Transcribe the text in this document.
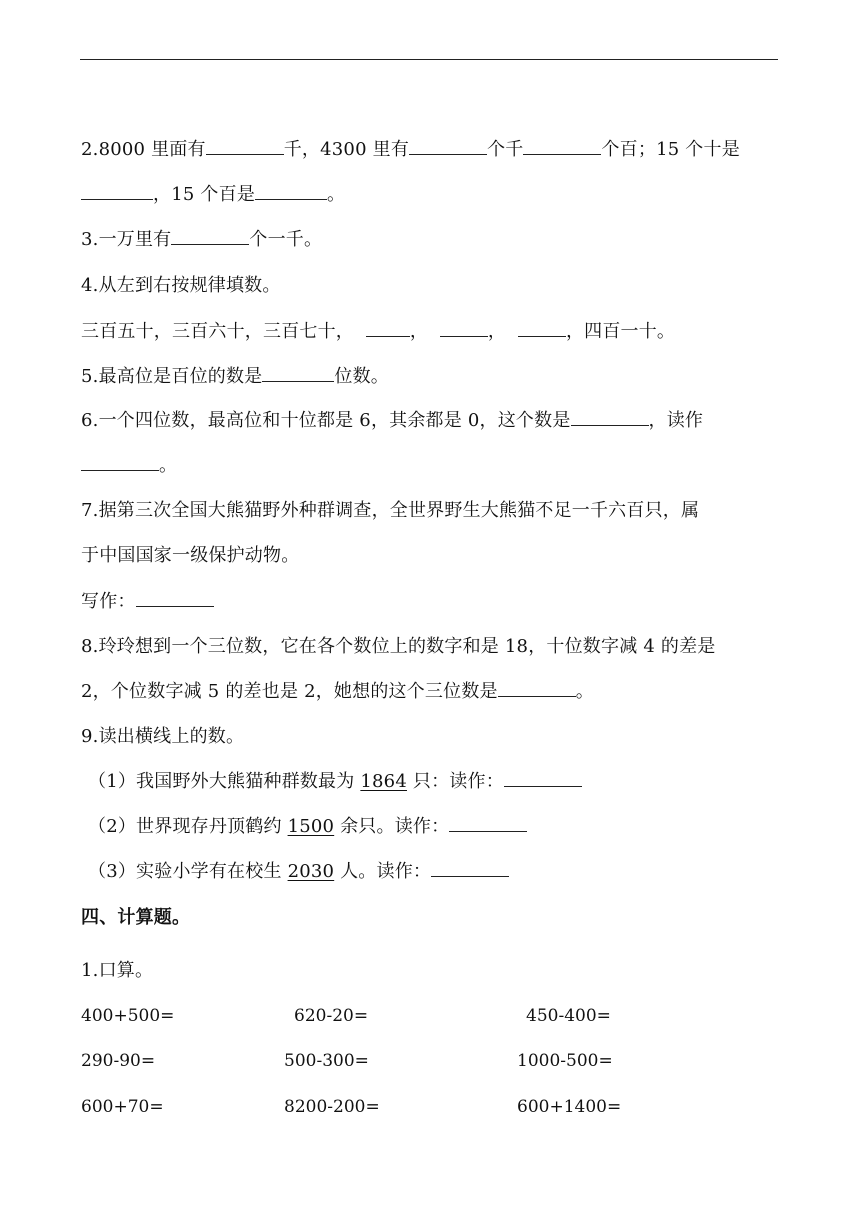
2.8000 里面有	千，4300 里有	个千	个百；15 个十是
，15 个百是	。
3.一万里有	个一千。
4.从左到右按规律填数。
三百五十，三百六十，三百七十，	，	，	，四百一十。
5.最高位是百位的数是	位数。
6.一个四位数，最高位和十位都是 6，其余都是 0，这个数是	，读作
。
7.据第三次全国大熊猫野外种群调查，全世界野生大熊猫不足一千六百只，属
于中国国家一级保护动物。
写作：
8.玲玲想到一个三位数，它在各个数位上的数字和是 18，十位数字减 4 的差是
2，个位数字减 5 的差也是 2，她想的这个三位数是	。
9.读出横线上的数。
（1）我国野外大熊猫种群数最为 1864 只：读作：
（2）世界现存丹顶鹤约 1500 余只。读作：
（3）实验小学有在校生 2030 人。读作：
四、计算题。
1.口算。
400+500=	620-20=	450-400=
290-90=	500-300=	1000-500=
600+70=	8200-200=	600+1400=
